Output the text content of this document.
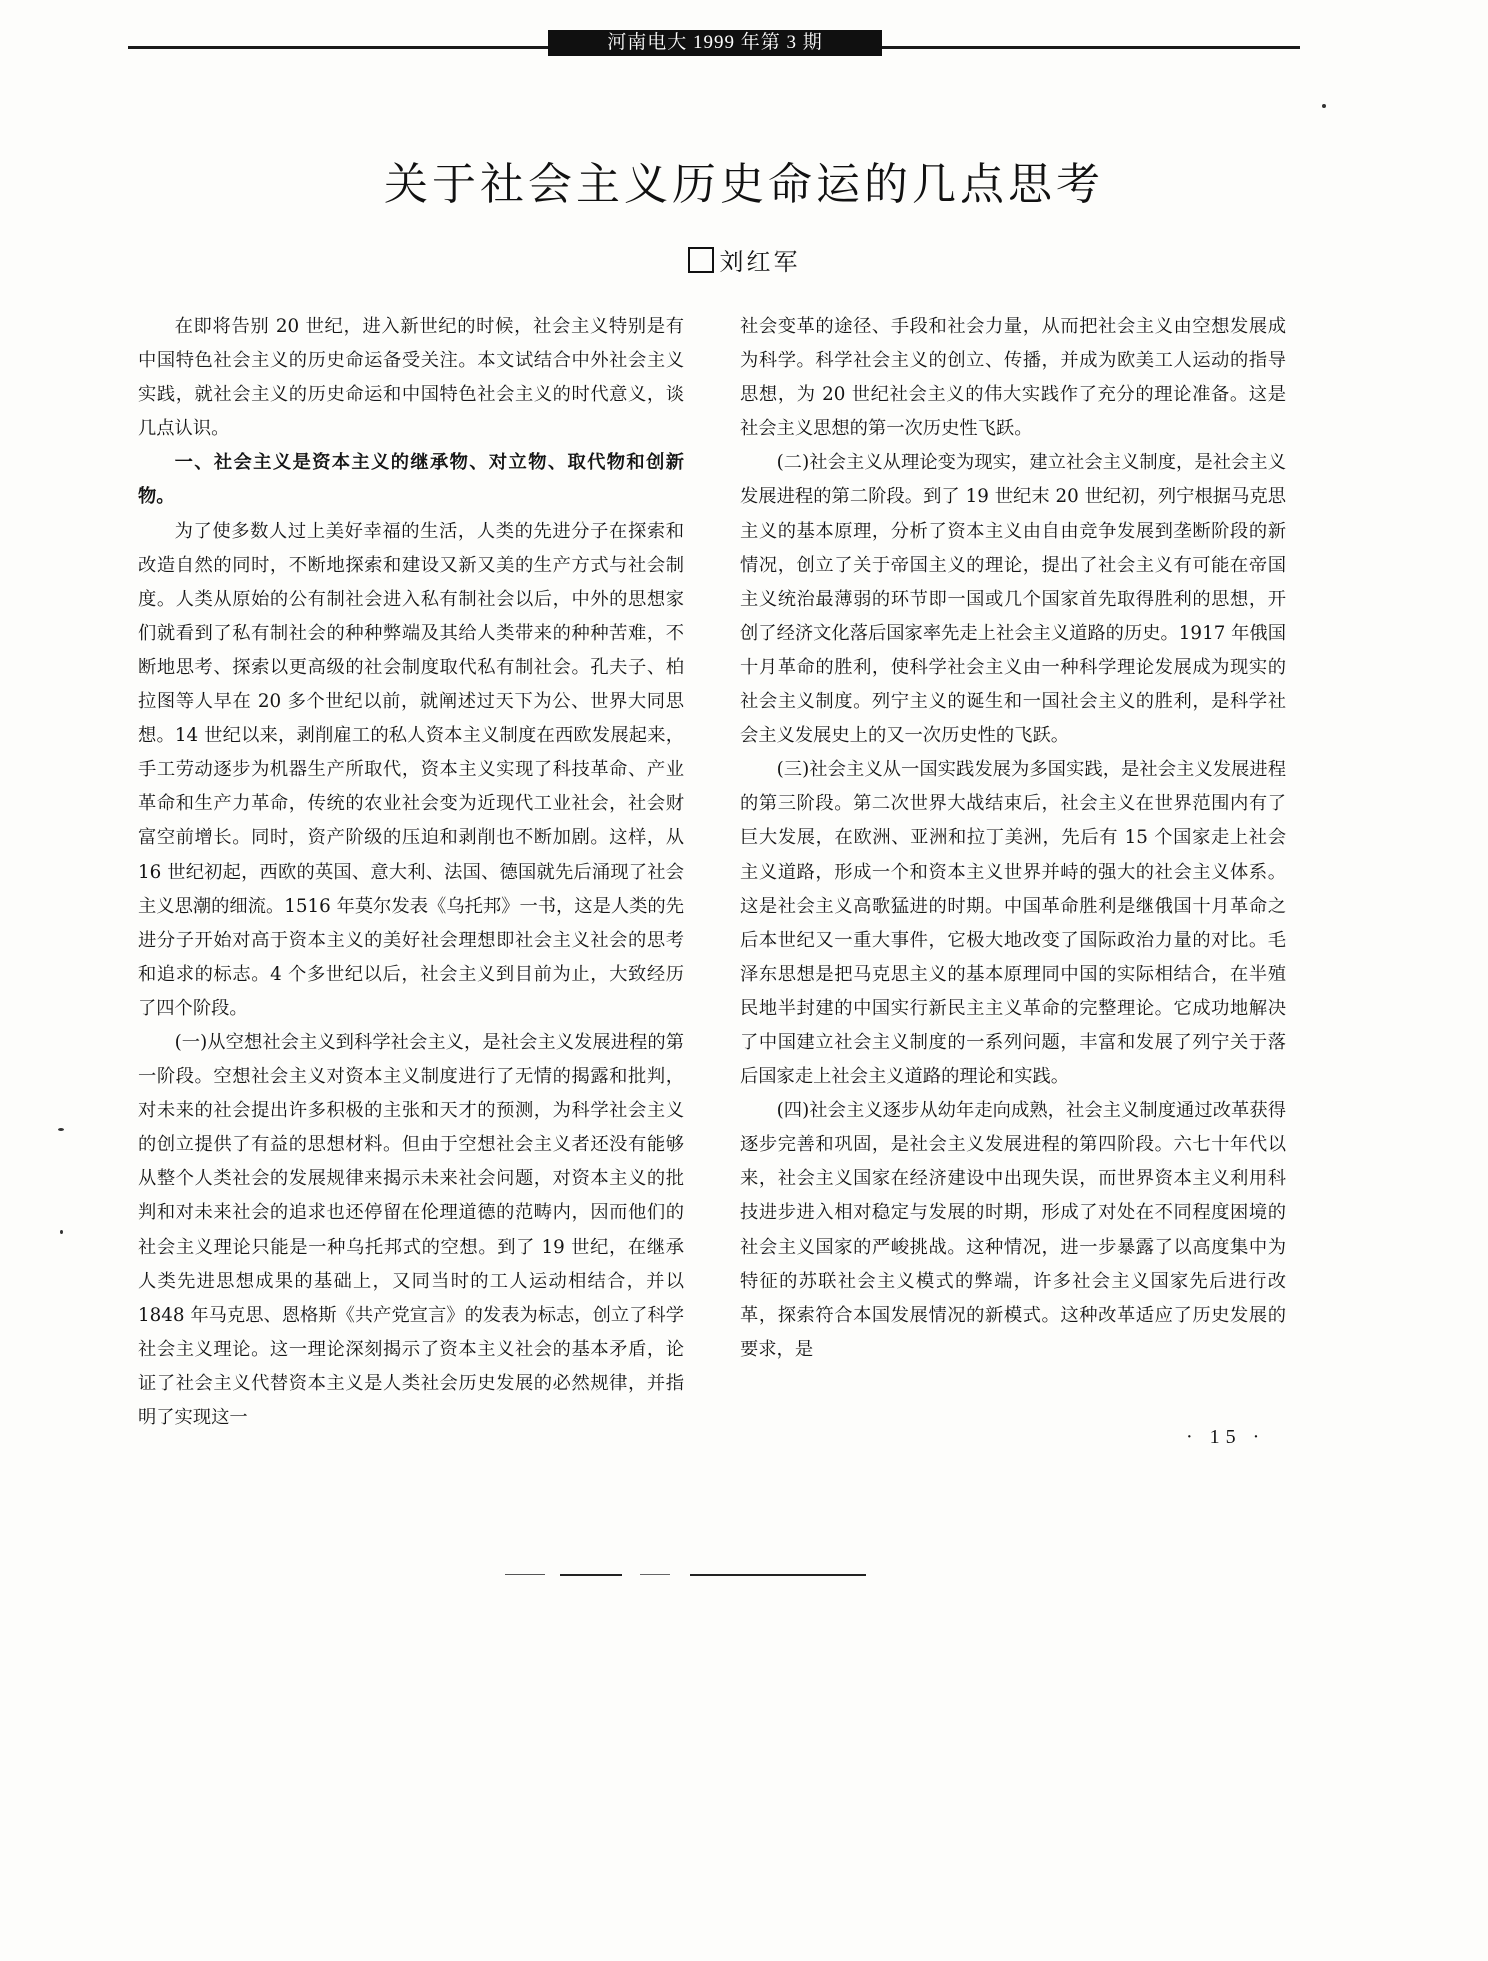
河南电大 1999 年第 3 期
关于社会主义历史命运的几点思考
刘红军

在即将告别 20 世纪，进入新世纪的时候，社会主义特别是有中国特色社会主义的历史命运备受关注。本文试结合中外社会主义实践，就社会主义的历史命运和中国特色社会主义的时代意义，谈几点认识。

一、社会主义是资本主义的继承物、对立物、取代物和创新物。

为了使多数人过上美好幸福的生活，人类的先进分子在探索和改造自然的同时，不断地探索和建设又新又美的生产方式与社会制度。人类从原始的公有制社会进入私有制社会以后，中外的思想家们就看到了私有制社会的种种弊端及其给人类带来的种种苦难，不断地思考、探索以更高级的社会制度取代私有制社会。孔夫子、柏拉图等人早在 20 多个世纪以前，就阐述过天下为公、世界大同思想。14 世纪以来，剥削雇工的私人资本主义制度在西欧发展起来，手工劳动逐步为机器生产所取代，资本主义实现了科技革命、产业革命和生产力革命，传统的农业社会变为近现代工业社会，社会财富空前增长。同时，资产阶级的压迫和剥削也不断加剧。这样，从 16 世纪初起，西欧的英国、意大利、法国、德国就先后涌现了社会主义思潮的细流。1516 年莫尔发表《乌托邦》一书，这是人类的先进分子开始对高于资本主义的美好社会理想即社会主义社会的思考和追求的标志。4 个多世纪以后，社会主义到目前为止，大致经历了四个阶段。

(一)从空想社会主义到科学社会主义，是社会主义发展进程的第一阶段。空想社会主义对资本主义制度进行了无情的揭露和批判，对未来的社会提出许多积极的主张和天才的预测，为科学社会主义的创立提供了有益的思想材料。但由于空想社会主义者还没有能够从整个人类社会的发展规律来揭示未来社会问题，对资本主义的批判和对未来社会的追求也还停留在伦理道德的范畴内，因而他们的社会主义理论只能是一种乌托邦式的空想。到了 19 世纪，在继承人类先进思想成果的基础上，又同当时的工人运动相结合，并以 1848 年马克思、恩格斯《共产党宣言》的发表为标志，创立了科学社会主义理论。这一理论深刻揭示了资本主义社会的基本矛盾，论证了社会主义代替资本主义是人类社会历史发展的必然规律，并指明了实现这一

社会变革的途径、手段和社会力量，从而把社会主义由空想发展成为科学。科学社会主义的创立、传播，并成为欧美工人运动的指导思想，为 20 世纪社会主义的伟大实践作了充分的理论准备。这是社会主义思想的第一次历史性飞跃。

(二)社会主义从理论变为现实，建立社会主义制度，是社会主义发展进程的第二阶段。到了 19 世纪末 20 世纪初，列宁根据马克思主义的基本原理，分析了资本主义由自由竞争发展到垄断阶段的新情况，创立了关于帝国主义的理论，提出了社会主义有可能在帝国主义统治最薄弱的环节即一国或几个国家首先取得胜利的思想，开创了经济文化落后国家率先走上社会主义道路的历史。1917 年俄国十月革命的胜利，使科学社会主义由一种科学理论发展成为现实的社会主义制度。列宁主义的诞生和一国社会主义的胜利，是科学社会主义发展史上的又一次历史性的飞跃。

(三)社会主义从一国实践发展为多国实践，是社会主义发展进程的第三阶段。第二次世界大战结束后，社会主义在世界范围内有了巨大发展，在欧洲、亚洲和拉丁美洲，先后有 15 个国家走上社会主义道路，形成一个和资本主义世界并峙的强大的社会主义体系。这是社会主义高歌猛进的时期。中国革命胜利是继俄国十月革命之后本世纪又一重大事件，它极大地改变了国际政治力量的对比。毛泽东思想是把马克思主义的基本原理同中国的实际相结合，在半殖民地半封建的中国实行新民主主义革命的完整理论。它成功地解决了中国建立社会主义制度的一系列问题，丰富和发展了列宁关于落后国家走上社会主义道路的理论和实践。

(四)社会主义逐步从幼年走向成熟，社会主义制度通过改革获得逐步完善和巩固，是社会主义发展进程的第四阶段。六七十年代以来，社会主义国家在经济建设中出现失误，而世界资本主义利用科技进步进入相对稳定与发展的时期，形成了对处在不同程度困境的社会主义国家的严峻挑战。这种情况，进一步暴露了以高度集中为特征的苏联社会主义模式的弊端，许多社会主义国家先后进行改革，探索符合本国发展情况的新模式。这种改革适应了历史发展的要求，是

· 15 ·
